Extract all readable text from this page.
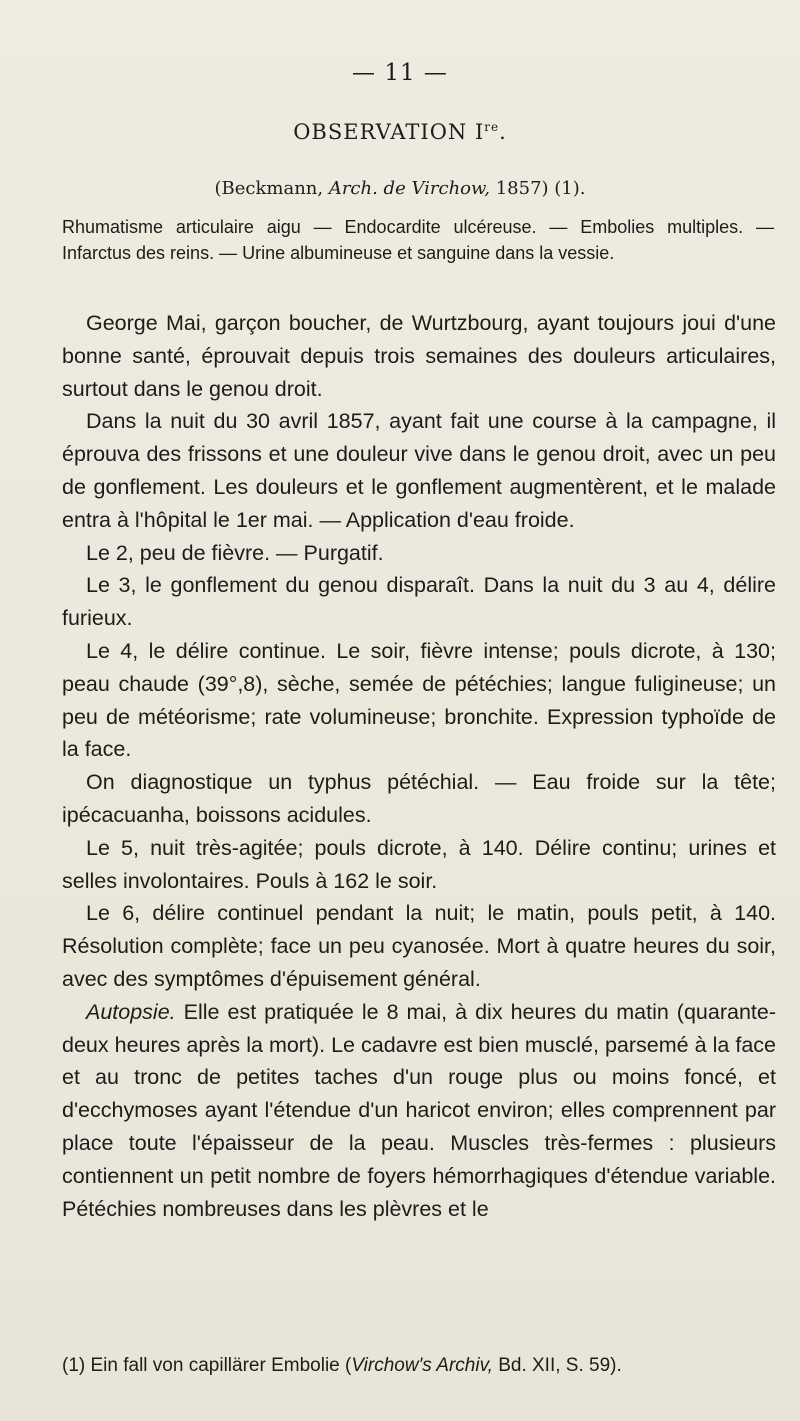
— 11 —
OBSERVATION Ire.
(Beckmann, Arch. de Virchow, 1857) (1).
Rhumatisme articulaire aigu — Endocardite ulcéreuse. — Embolies multiples. — Infarctus des reins. — Urine albumineuse et sanguine dans la vessie.

George Mai, garçon boucher, de Wurtzbourg, ayant toujours joui d'une bonne santé, éprouvait depuis trois semaines des douleurs articulaires, surtout dans le genou droit.

Dans la nuit du 30 avril 1857, ayant fait une course à la campagne, il éprouva des frissons et une douleur vive dans le genou droit, avec un peu de gonflement. Les douleurs et le gonflement augmentèrent, et le malade entra à l'hôpital le 1er mai. — Application d'eau froide.

Le 2, peu de fièvre. — Purgatif.

Le 3, le gonflement du genou disparaît. Dans la nuit du 3 au 4, délire furieux.

Le 4, le délire continue. Le soir, fièvre intense; pouls dicrote, à 130; peau chaude (39°,8), sèche, semée de pétéchies; langue fuligineuse; un peu de météorisme; rate volumineuse; bronchite. Expression typhoïde de la face.

On diagnostique un typhus pétéchial. — Eau froide sur la tête; ipécacuanha, boissons acidules.

Le 5, nuit très-agitée; pouls dicrote, à 140. Délire continu; urines et selles involontaires. Pouls à 162 le soir.

Le 6, délire continuel pendant la nuit; le matin, pouls petit, à 140. Résolution complète; face un peu cyanosée. Mort à quatre heures du soir, avec des symptômes d'épuisement général.

Autopsie. Elle est pratiquée le 8 mai, à dix heures du matin (quarante-deux heures après la mort). Le cadavre est bien musclé, parsemé à la face et au tronc de petites taches d'un rouge plus ou moins foncé, et d'ecchymoses ayant l'étendue d'un haricot environ; elles comprennent par place toute l'épaisseur de la peau. Muscles très-fermes : plusieurs contiennent un petit nombre de foyers hémorrhagiques d'étendue variable. Pétéchies nombreuses dans les plèvres et le

(1) Ein fall von capillärer Embolie (Virchow's Archiv, Bd. XII, S. 59).
